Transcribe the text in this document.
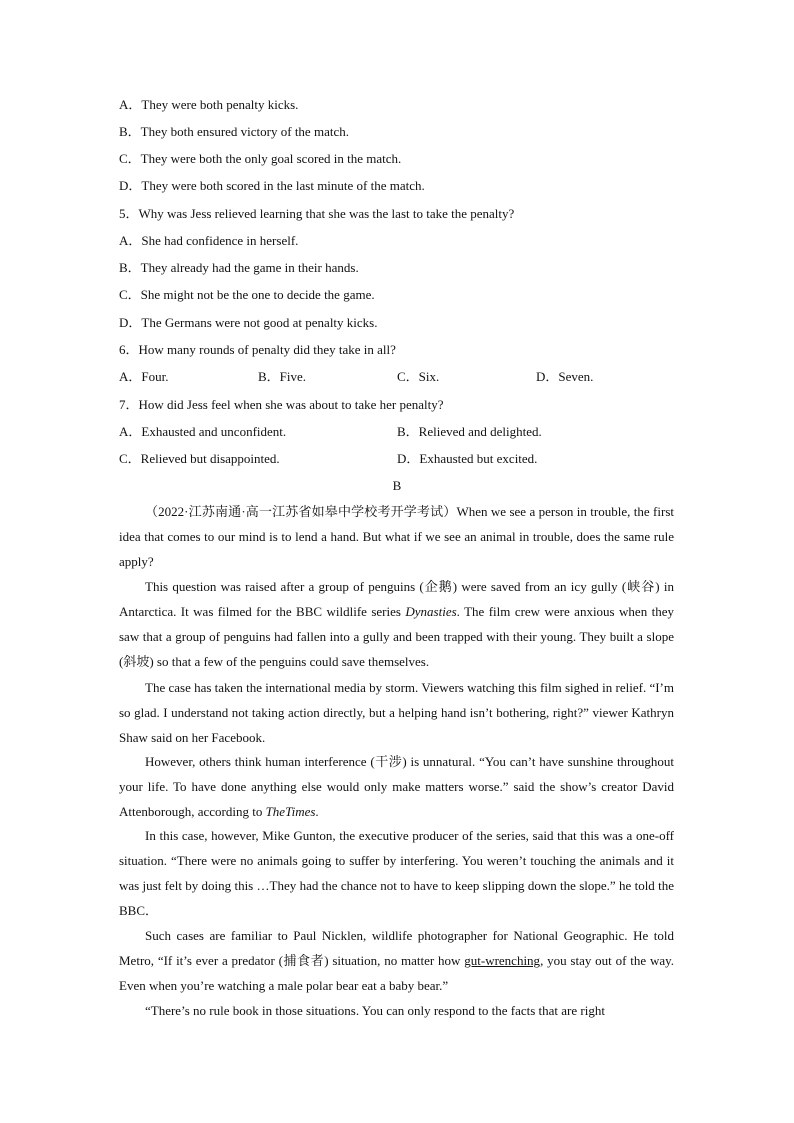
A．They were both penalty kicks.
B．They both ensured victory of the match.
C．They were both the only goal scored in the match.
D．They were both scored in the last minute of the match.
5．Why was Jess relieved learning that she was the last to take the penalty?
A．She had confidence in herself.
B．They already had the game in their hands.
C．She might not be the one to decide the game.
D．The Germans were not good at penalty kicks.
6．How many rounds of penalty did they take in all?
A．Four.	B．Five.	C．Six.	D．Seven.
7．How did Jess feel when she was about to take her penalty?
A．Exhausted and unconfident.	B．Relieved and delighted.
C．Relieved but disappointed.	D．Exhausted but excited.
B

（2022·江苏南通·高一江苏省如皋中学校考开学考试）When we see a person in trouble, the first idea that comes to our mind is to lend a hand. But what if we see an animal in trouble, does the same rule apply?

This question was raised after a group of penguins (企鹅) were saved from an icy gully (峡谷) in Antarctica. It was filmed for the BBC wildlife series Dynasties. The film crew were anxious when they saw that a group of penguins had fallen into a gully and been trapped with their young. They built a slope (斜坡) so that a few of the penguins could save themselves.

The case has taken the international media by storm. Viewers watching this film sighed in relief. “I’m so glad. I understand not taking action directly, but a helping hand isn’t bothering, right?” viewer Kathryn Shaw said on her Facebook.

However, others think human interference (干涉) is unnatural. “You can’t have sunshine throughout your life. To have done anything else would only make matters worse.” said the show’s creator David Attenborough, according to TheTimes.

In this case, however, Mike Gunton, the executive producer of the series, said that this was a one-off situation. “There were no animals going to suffer by interfering. You weren’t touching the animals and it was just felt by doing this …They had the chance not to have to keep slipping down the slope.” he told the BBC．

Such cases are familiar to Paul Nicklen, wildlife photographer for National Geographic. He told Metro, “If it’s ever a predator (捕食者) situation, no matter how gut-wrenching, you stay out of the way. Even when you’re watching a male polar bear eat a baby bear.”

“There’s no rule book in those situations. You can only respond to the facts that are right
